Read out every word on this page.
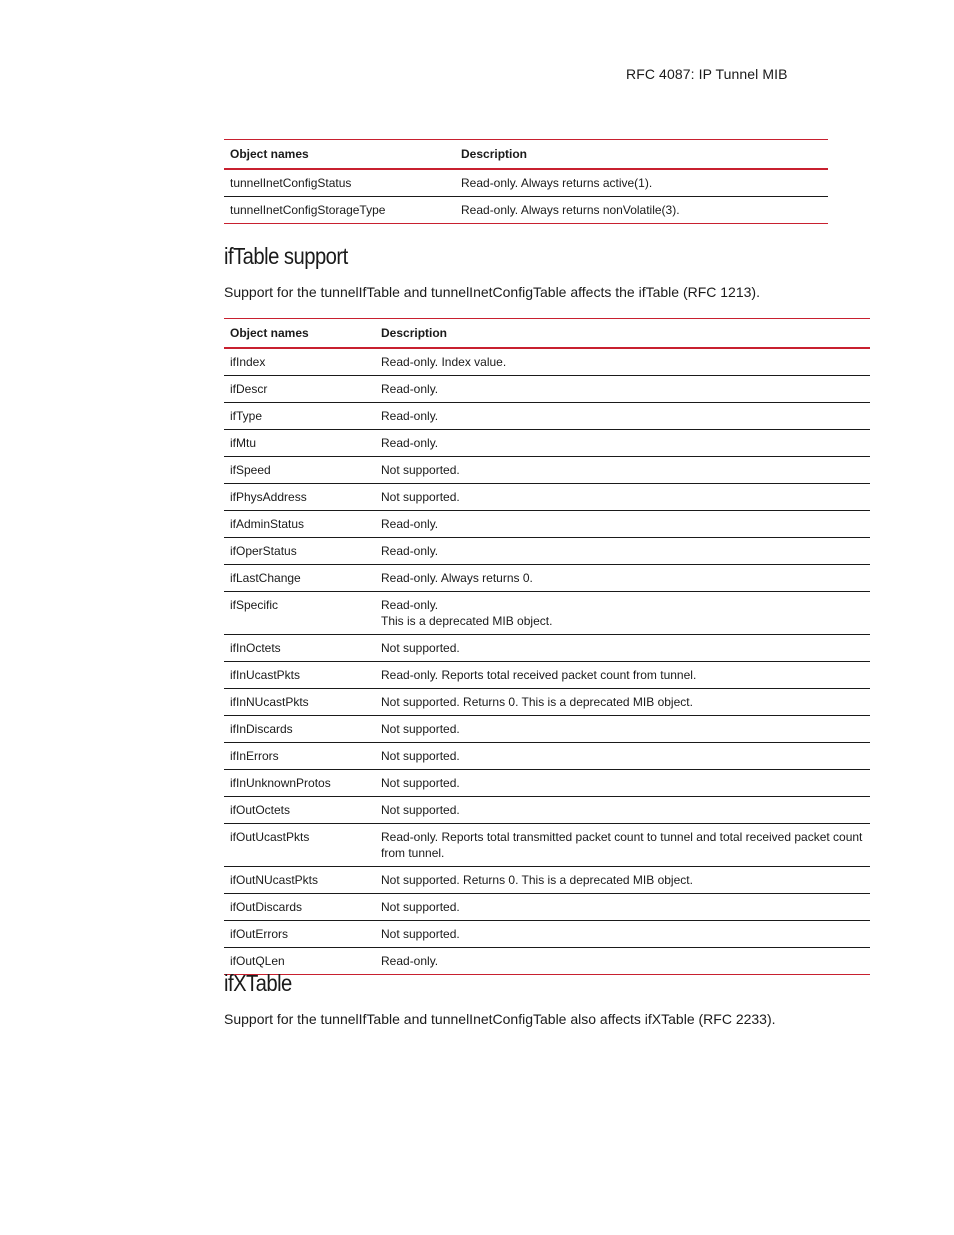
RFC 4087: IP Tunnel MIB
Object names	Description
tunnelInetConfigStatus	Read-only. Always returns active(1).

tunnelInetConfigStorageType	Read-only. Always returns nonVolatile(3).
ifTable support

Support for the tunnelIfTable and tunnelInetConfigTable affects the ifTable (RFC 1213).

Object names	Description
ifIndex	Read-only. Index value.

ifDescr	Read-only.

ifType	Read-only.

ifMtu	Read-only.

ifSpeed	Not supported.

ifPhysAddress	Not supported.

ifAdminStatus	Read-only.

ifOperStatus	Read-only.

ifLastChange	Read-only. Always returns 0.

ifSpecific	Read-only.
This is a deprecated MIB object.

ifInOctets	Not supported.

ifInUcastPkts	Read-only. Reports total received packet count from tunnel.

ifInNUcastPkts	Not supported. Returns 0. This is a deprecated MIB object.

ifInDiscards	Not supported.

ifInErrors	Not supported.

ifInUnknownProtos	Not supported.

ifOutOctets	Not supported.

ifOutUcastPkts	Read-only. Reports total transmitted packet count to tunnel and total received packet count from tunnel.

ifOutNUcastPkts	Not supported. Returns 0. This is a deprecated MIB object.

ifOutDiscards	Not supported.

ifOutErrors	Not supported.

ifOutQLen	Read-only.
ifXTable

Support for the tunnelIfTable and tunnelInetConfigTable also affects ifXTable (RFC 2233).
